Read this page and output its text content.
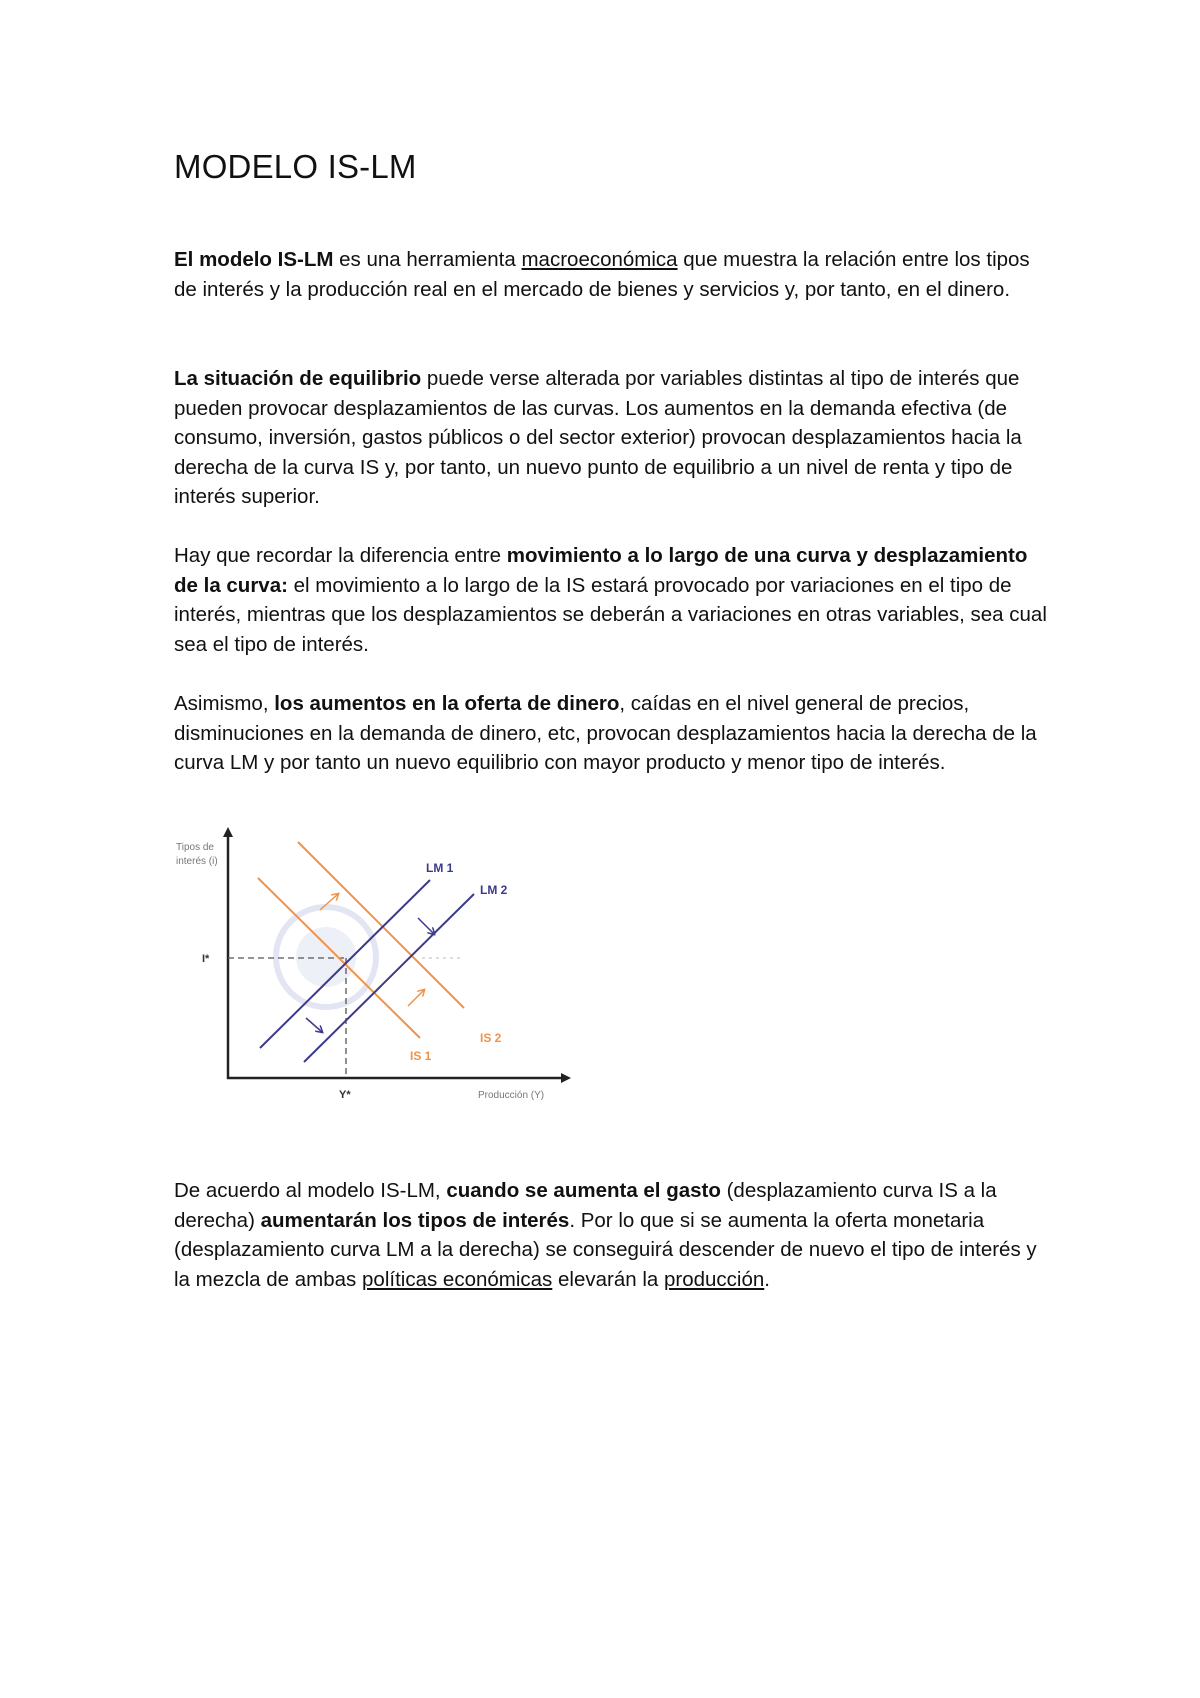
MODELO IS-LM

El modelo IS-LM es una herramienta macroeconómica que muestra la relación entre los tipos de interés y la producción real en el mercado de bienes y servicios y, por tanto, en el dinero.

La situación de equilibrio puede verse alterada por variables distintas al tipo de interés que pueden provocar desplazamientos de las curvas. Los aumentos en la demanda efectiva (de consumo, inversión, gastos públicos o del sector exterior) provocan desplazamientos hacia la derecha de la curva IS y, por tanto, un nuevo punto de equilibrio a un nivel de renta y tipo de interés superior.

Hay que recordar la diferencia entre movimiento a lo largo de una curva y desplazamiento de la curva: el movimiento a lo largo de la IS estará provocado por variaciones en el tipo de interés, mientras que los desplazamientos se deberán a variaciones en otras variables, sea cual sea el tipo de interés.

Asimismo, los aumentos en la oferta de dinero, caídas en el nivel general de precios, disminuciones en la demanda de dinero, etc, provocan desplazamientos hacia la derecha de la curva LM y por tanto un nuevo equilibrio con mayor producto y menor tipo de interés.

De acuerdo al modelo IS-LM, cuando se aumenta el gasto (desplazamiento curva IS a la derecha) aumentarán los tipos de interés. Por lo que si se aumenta la oferta monetaria (desplazamiento curva LM a la derecha) se conseguirá descender de nuevo el tipo de interés y la mezcla de ambas políticas económicas elevarán la producción.

Tipos de
interés (i)
Producción (Y)
I*
Y*
LM 1
LM 2
IS 1
IS 2
